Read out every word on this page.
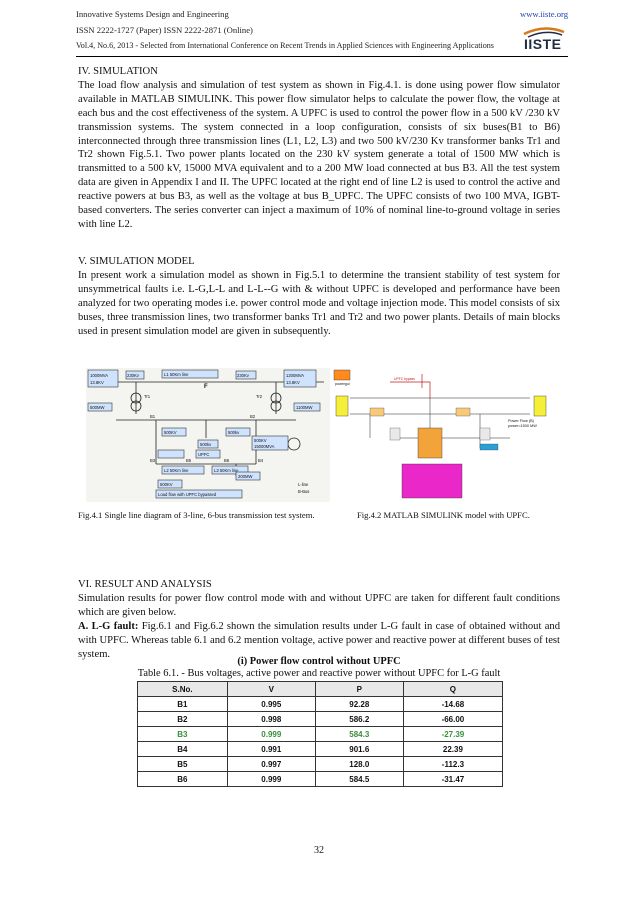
Innovative Systems Design and Engineering	www.iiste.org
ISSN 2222-1727 (Paper) ISSN 2222-2871 (Online)
Vol.4, No.6, 2013 - Selected from International Conference on Recent Trends in Applied Sciences with Engineering Applications IISTE
IV. SIMULATION

The load flow analysis and simulation of test system as shown in Fig.4.1. is done using power flow simulator available in MATLAB SIMULINK. This power flow simulator helps to calculate the power flow, the voltage at each bus and the cost effectiveness of the system. A UPFC is used to control the power flow in a 500 kV /230 kV transmission systems. The system connected in a loop configuration, consists of six buses(B1 to B6) interconnected through three transmission lines (L1, L2, L3) and two 500 kV/230 Kv transformer banks Tr1 and Tr2 shown Fig.5.1. Two power plants located on the 230 kV system generate a total of 1500 MW which is transmitted to a 500 kV, 15000 MVA equivalent and to a 200 MW load connected at bus B3. All the test system data are given in Appendix I and II. The UPFC located at the right end of line L2 is used to control the active and reactive powers at bus B3, as well as the voltage at bus B_UPFC. The UPFC consists of two 100 MVA, IGBT-based converters. The series converter can inject a maximum of 10% of nominal line-to-ground voltage in series with line L2.

V. SIMULATION MODEL

In present work a simulation model as shown in Fig.5.1 to determine the transient stability of test system for unsymmetrical faults i.e. L-G,L-L and L-L--G with & without UPFC is developed and performance have been analyzed for two operating modes i.e. power control mode and voltage injection mode. This model consists of six buses, three transmission lines, two transformer banks Tr1 and Tr2 and two power plants. Details of main blocks used in present simulation model are given in subsequently.

1000MVA
13.8KV
230Kv	L1 50Km line	230Kv	1200MVA
13.8KV
500MW	1100MW
Tr1	Tr2
500KV	500kv
500kv
500KV
15000MVA
UPFC
L2 50Km line	L3 50Km line
500KV
200MW
Load flow with UPFC bypassed
L-line
B-Bus
B1	B2
B3	B4
B5	B6
F	powergui
UPFC bypass
Power Flow (B)
power=1500 MW
Fig.4.1 Single line diagram of 3-line, 6-bus transmission test system.	Fig.4.2 MATLAB SIMULINK model with UPFC.
VI. RESULT AND ANALYSIS

Simulation results for power flow control mode with and without UPFC are taken for different fault conditions which are given below.

A. L-G fault: Fig.6.1 and Fig.6.2 shown the simulation results under L-G fault in case of obtained without and with UPFC. Whereas table 6.1 and 6.2 mention voltage, active power and reactive power at different buses of test system.

(i) Power flow control without UPFC
Table 6.1. - Bus voltages, active power and reactive power without UPFC for L-G fault
S.No.	V	P	Q
B1	0.995	92.28	-14.68
B2	0.998	586.2	-66.00
B3	0.999	584.3	-27.39
B4	0.991	901.6	22.39
B5	0.997	128.0	-112.3
B6	0.999	584.5	-31.47
32
